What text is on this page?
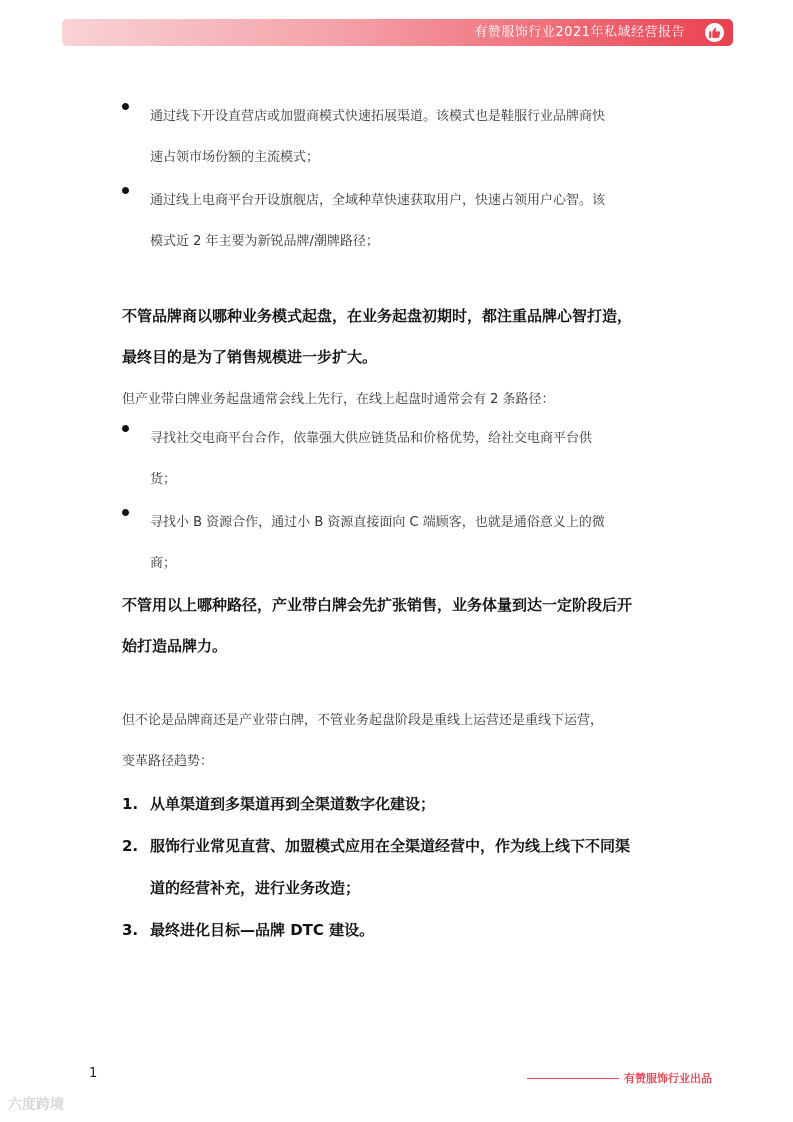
有赞服饰行业2021年私域经营报告
通过线下开设直营店或加盟商模式快速拓展渠道。该模式也是鞋服行业品牌商快
速占领市场份额的主流模式；
通过线上电商平台开设旗舰店，全域种草快速获取用户，快速占领用户心智。该
模式近 2 年主要为新锐品牌/潮牌路径；
不管品牌商以哪种业务模式起盘，在业务起盘初期时，都注重品牌心智打造，
最终目的是为了销售规模进一步扩大。
但产业带白牌业务起盘通常会线上先行，在线上起盘时通常会有 2 条路径：
寻找社交电商平台合作，依靠强大供应链货品和价格优势，给社交电商平台供
货；
寻找小 B 资源合作，通过小 B 资源直接面向 C 端顾客，也就是通俗意义上的微
商；
不管用以上哪种路径，产业带白牌会先扩张销售，业务体量到达一定阶段后开
始打造品牌力。
但不论是品牌商还是产业带白牌，不管业务起盘阶段是重线上运营还是重线下运营，
变革路径趋势：
1. 从单渠道到多渠道再到全渠道数字化建设；
2. 服饰行业常见直营、加盟模式应用在全渠道经营中，作为线上线下不同渠
道的经营补充，进行业务改造；
3. 最终进化目标—品牌 DTC 建设。
1	有赞服饰行业出品
六度跨境
